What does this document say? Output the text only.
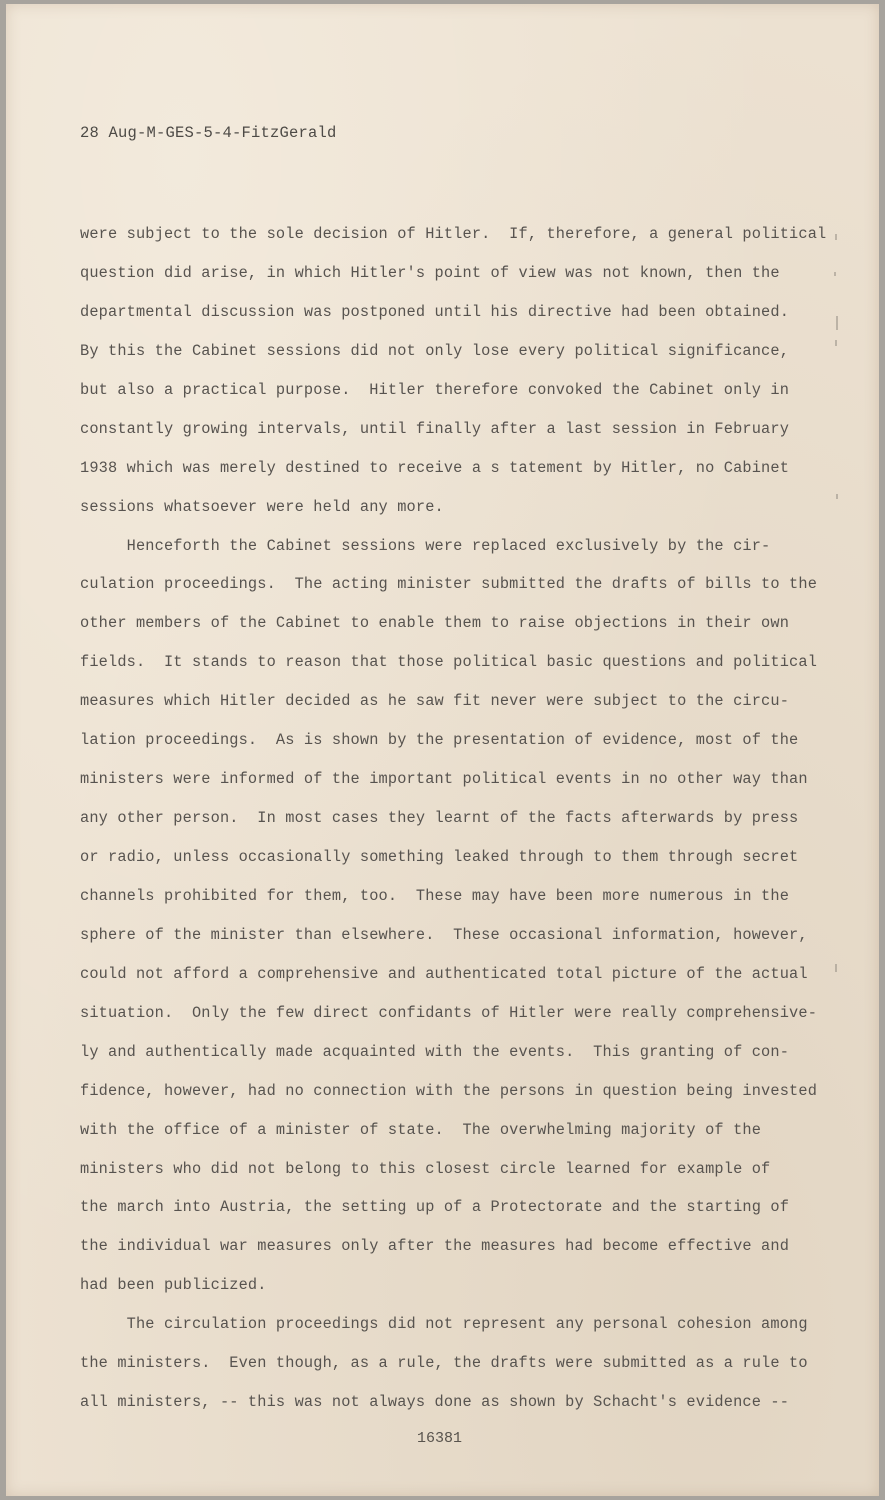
28 Aug-M-GES-5-4-FitzGerald
were subject to the sole decision of Hitler.  If, therefore, a general political
question did arise, in which Hitler's point of view was not known, then the
departmental discussion was postponed until his directive had been obtained.
By this the Cabinet sessions did not only lose every political significance,
but also a practical purpose.  Hitler therefore convoked the Cabinet only in
constantly growing intervals, until finally after a last session in February
1938 which was merely destined to receive a s tatement by Hitler, no Cabinet
sessions whatsoever were held any more.
Henceforth the Cabinet sessions were replaced exclusively by the cir-
culation proceedings.  The acting minister submitted the drafts of bills to the
other members of the Cabinet to enable them to raise objections in their own
fields.  It stands to reason that those political basic questions and political
measures which Hitler decided as he saw fit never were subject to the circu-
lation proceedings.  As is shown by the presentation of evidence, most of the
ministers were informed of the important political events in no other way than
any other person.  In most cases they learnt of the facts afterwards by press
or radio, unless occasionally something leaked through to them through secret
channels prohibited for them, too.  These may have been more numerous in the
sphere of the minister than elsewhere.  These occasional information, however,
could not afford a comprehensive and authenticated total picture of the actual
situation.  Only the few direct confidants of Hitler were really comprehensive-
ly and authentically made acquainted with the events.  This granting of con-
fidence, however, had no connection with the persons in question being invested
with the office of a minister of state.  The overwhelming majority of the
ministers who did not belong to this closest circle learned for example of
the march into Austria, the setting up of a Protectorate and the starting of
the individual war measures only after the measures had become effective and
had been publicized.
The circulation proceedings did not represent any personal cohesion among
the ministers.  Even though, as a rule, the drafts were submitted as a rule to
all ministers, -- this was not always done as shown by Schacht's evidence --
16381
